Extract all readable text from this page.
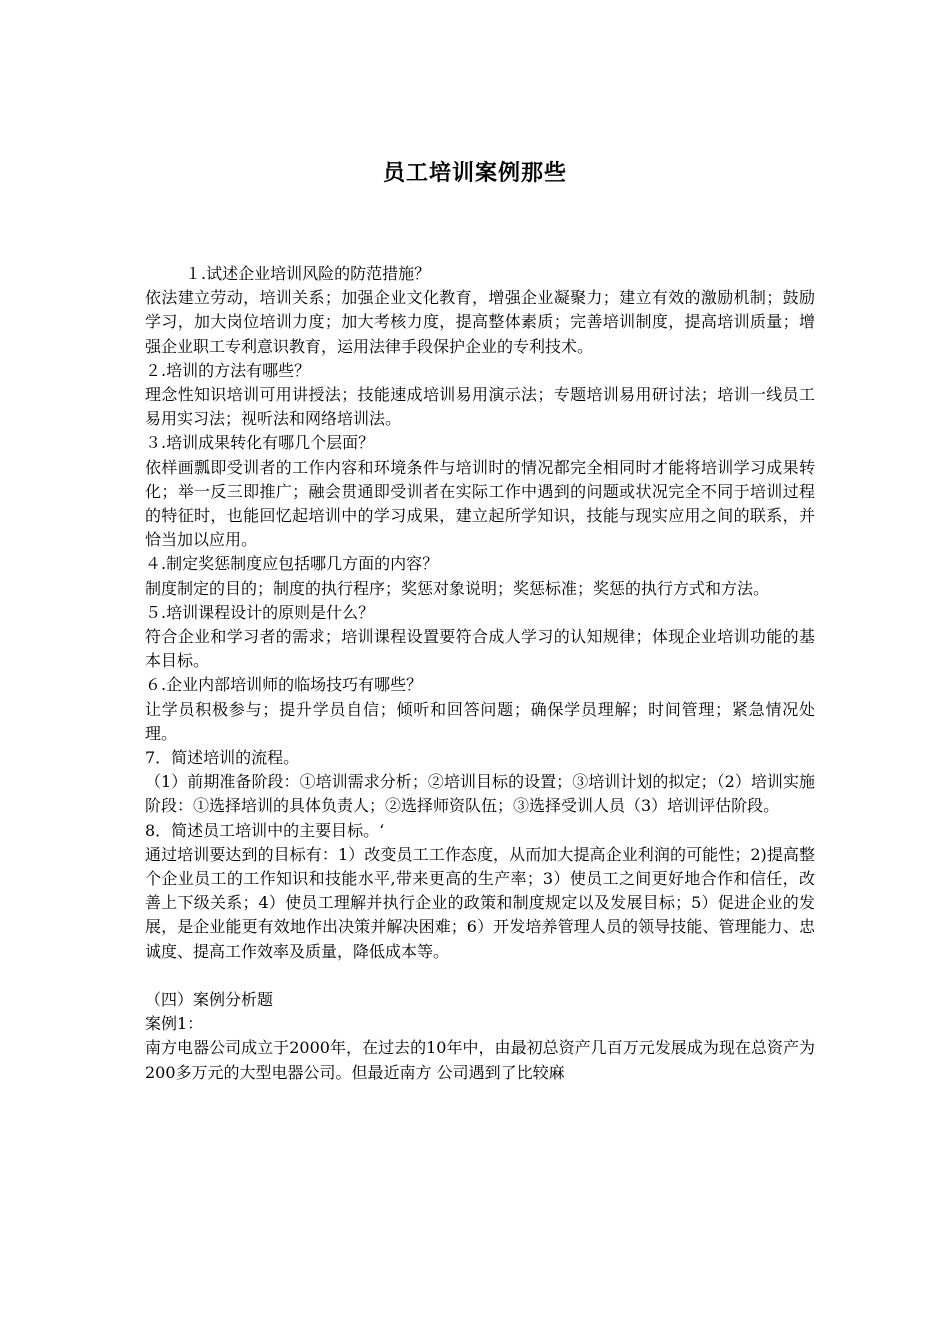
员工培训案例那些

１.试述企业培训风险的防范措施？

依法建立劳动，培训关系；加强企业文化教育，增强企业凝聚力；建立有效的激励机制；鼓励学习，加大岗位培训力度；加大考核力度，提高整体素质；完善培训制度，提高培训质量；增强企业职工专利意识教育，运用法律手段保护企业的专利技术。

２.培训的方法有哪些？

理念性知识培训可用讲授法；技能速成培训易用演示法；专题培训易用研讨法；培训一线员工易用实习法；视听法和网络培训法。

３.培训成果转化有哪几个层面？

依样画瓢即受训者的工作内容和环境条件与培训时的情况都完全相同时才能将培训学习成果转化；举一反三即推广；融会贯通即受训者在实际工作中遇到的问题或状况完全不同于培训过程的特征时，也能回忆起培训中的学习成果，建立起所学知识，技能与现实应用之间的联系，并恰当加以应用。

４.制定奖惩制度应包括哪几方面的内容？

制度制定的目的；制度的执行程序；奖惩对象说明；奖惩标准；奖惩的执行方式和方法。

５.培训课程设计的原则是什么？

符合企业和学习者的需求；培训课程设置要符合成人学习的认知规律；体现企业培训功能的基本目标。

６.企业内部培训师的临场技巧有哪些？

让学员积极参与；提升学员自信；倾听和回答问题；确保学员理解；时间管理；紧急情况处理。

7．简述培训的流程。

（1）前期准备阶段：①培训需求分析；②培训目标的设置；③培训计划的拟定；（2）培训实施阶段：①选择培训的具体负责人；②选择师资队伍；③选择受训人员（3）培训评估阶段。

8．简述员工培训中的主要目标。‘

通过培训要达到的目标有：1）改变员工工作态度，从而加大提高企业利润的可能性；2)提高整个企业员工的工作知识和技能水平,带来更高的生产率；3）使员工之间更好地合作和信任，改善上下级关系；4）使员工理解并执行企业的政策和制度规定以及发展目标；5）促进企业的发展，是企业能更有效地作出决策并解决困难；6）开发培养管理人员的领导技能、管理能力、忠诚度、提高工作效率及质量，降低成本等。

（四）案例分析题

案例1：

南方电器公司成立于2000年，在过去的10年中，由最初总资产几百万元发展成为现在总资产为200多万元的大型电器公司。但最近南方 公司遇到了比较麻
